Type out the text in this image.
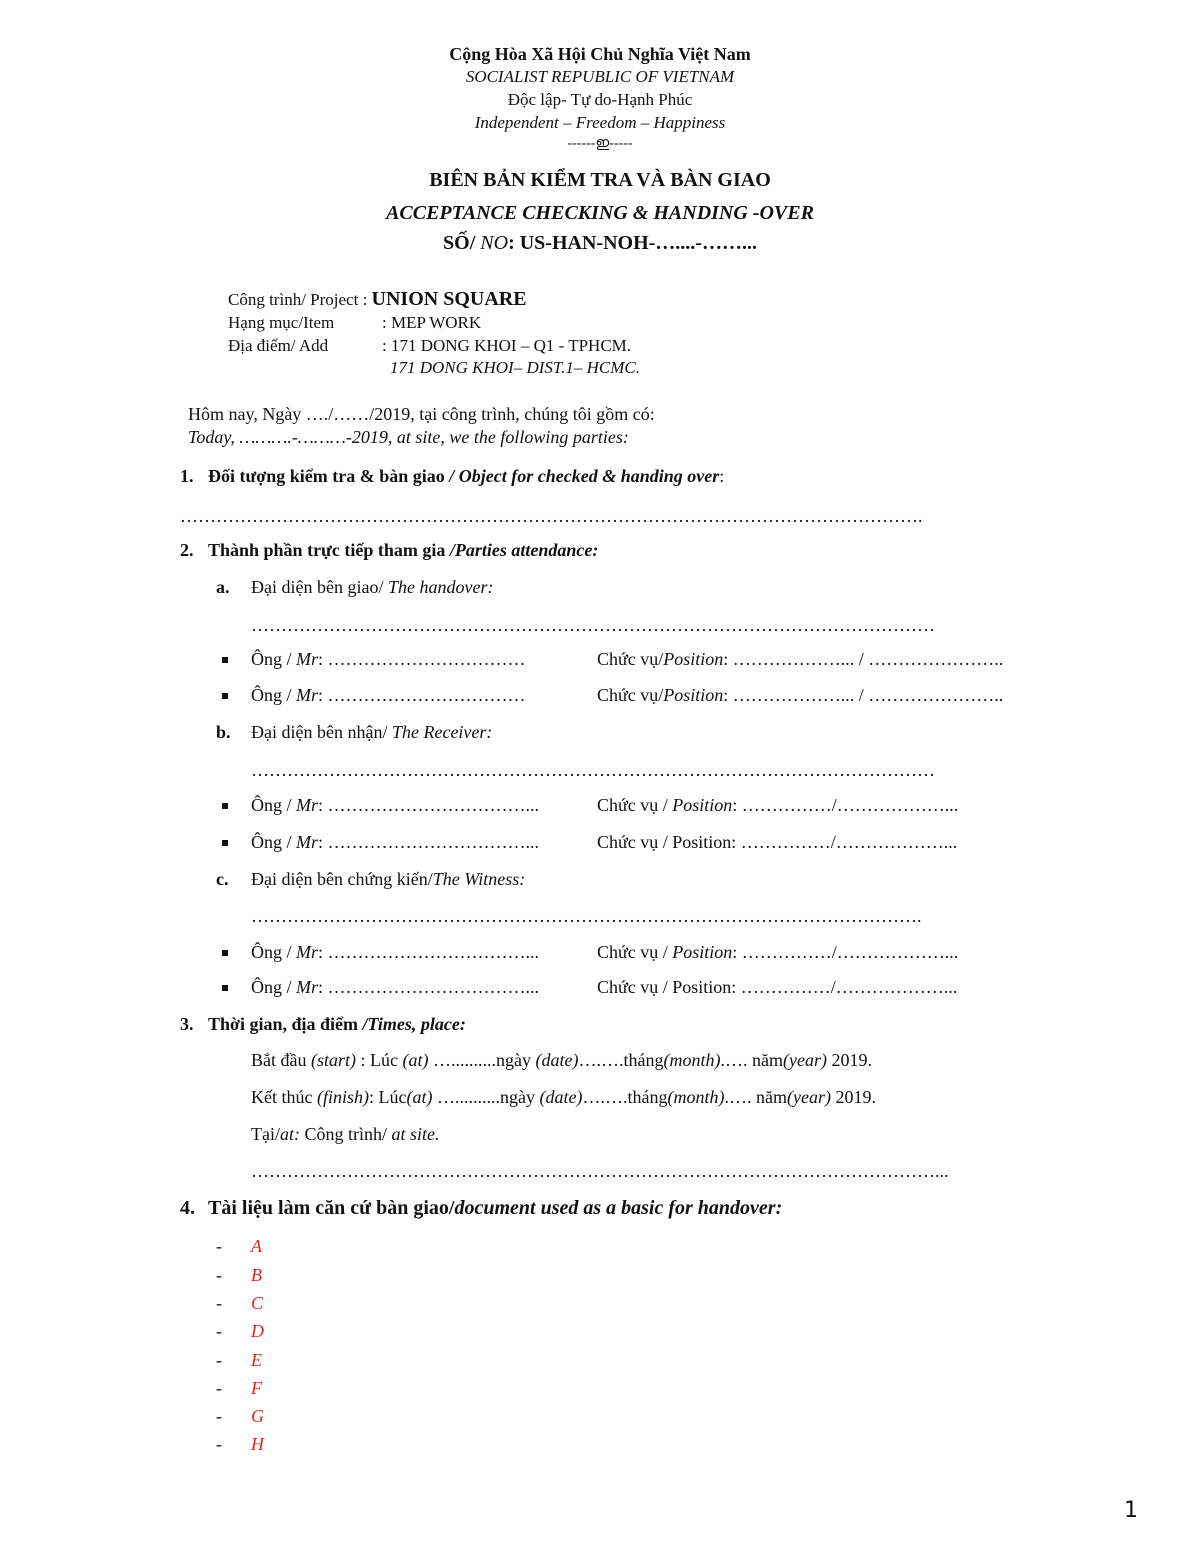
Cộng Hòa Xã Hội Chủ Nghĩa Việt Nam
SOCIALIST REPUBLIC OF VIETNAM
Độc lập- Tự do-Hạnh Phúc
Independent – Freedom – Happiness
------ഇ-----
BIÊN BẢN KIỂM TRA VÀ BÀN GIAO
ACCEPTANCE CHECKING & HANDING -OVER
SỐ/ NO: US-HAN-NOH-…....-……...
Công trình/ Project : UNION SQUARE
Hạng mục/Item	: MEP WORK
Địa điểm/ Add	: 171 DONG KHOI – Q1 - TPHCM.
171 DONG KHOI– DIST.1– HCMC.
Hôm nay, Ngày …./……/2019, tại công trình, chúng tôi gồm có:
Today, ……….-………-2019, at site, we the following parties:
1. Đối tượng kiểm tra & bàn giao / Object for checked & handing over:
…………………………………………………………………………………………………………….
2. Thành phần trực tiếp tham gia /Parties attendance:
a. Đại diện bên giao/ The handover:
……………………………………………………………………………………………………
Ông / Mr: ……………………………	Chức vụ/Position: ………………... / …………………..
Ông / Mr: ……………………………	Chức vụ/Position: ………………... / …………………..
b. Đại diện bên nhận/ The Receiver:
……………………………………………………………………………………………………
Ông / Mr: ……………………………...	Chức vụ / Position: ……………/………………...
Ông / Mr: ……………………………...	Chức vụ / Position: ……………/………………...
c. Đại diện bên chứng kiến/The Witness:
………………………………………………………………………………………………….
Ông / Mr: ……………………………...	Chức vụ / Position: ……………/………………...
Ông / Mr: ……………………………...	Chức vụ / Position: ……………/………………...
3. Thời gian, địa điểm /Times, place:
Bắt đầu (start) : Lúc (at) …..........ngày (date)….….tháng(month).…. năm(year) 2019.
Kết thúc (finish): Lúc(at) …..........ngày (date)….….tháng(month).…. năm(year) 2019.
Tại/at: Công trình/ at site.
……………………………………………………………………………………………………...
4. Tài liệu làm căn cứ bàn giao/document used as a basic for handover:
- A
- B
- C
- D
- E
- F
- G
- H
1
